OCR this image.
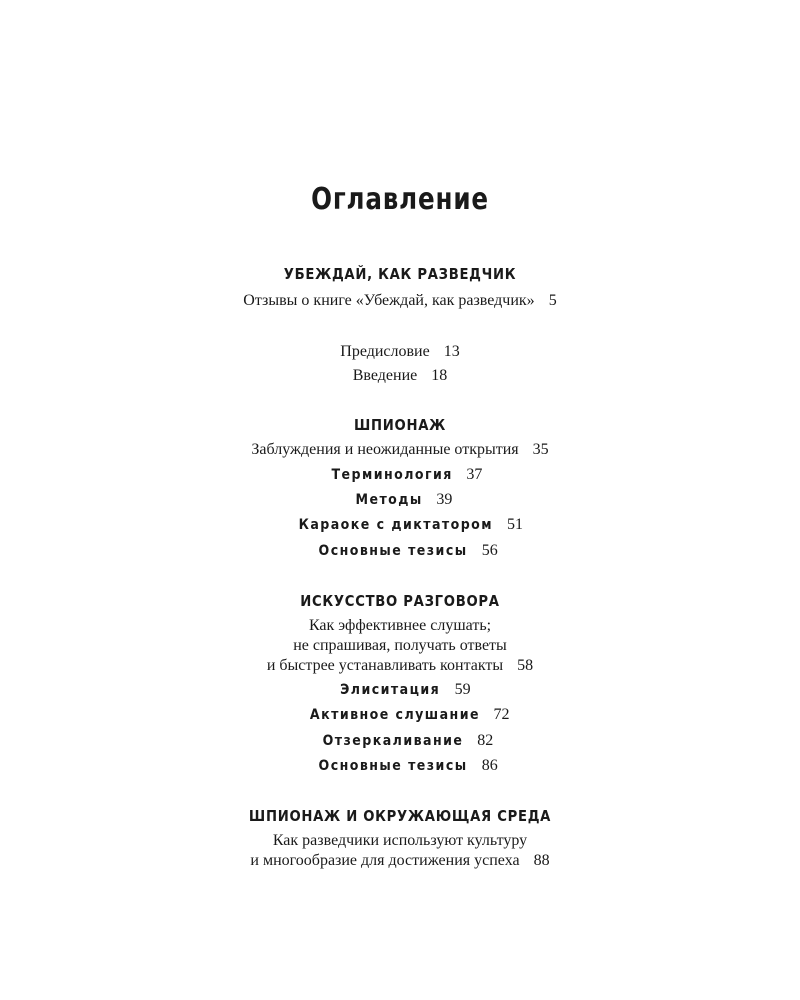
Оглавление
УБЕЖДАЙ, КАК РАЗВЕДЧИК
Отзывы о книге «Убеждай, как разведчик» 5
Предисловие 13
Введение 18
ШПИОНАЖ
Заблуждения и неожиданные открытия 35
Терминология 37
Методы 39
Караоке с диктатором 51
Основные тезисы 56
ИСКУССТВО РАЗГОВОРА
Как эффективнее слушать;
не спрашивая, получать ответы
и быстрее устанавливать контакты 58
Элиситация 59
Активное слушание 72
Отзеркаливание 82
Основные тезисы 86
ШПИОНАЖ И ОКРУЖАЮЩАЯ СРЕДА
Как разведчики используют культуру
и многообразие для достижения успеха 88
